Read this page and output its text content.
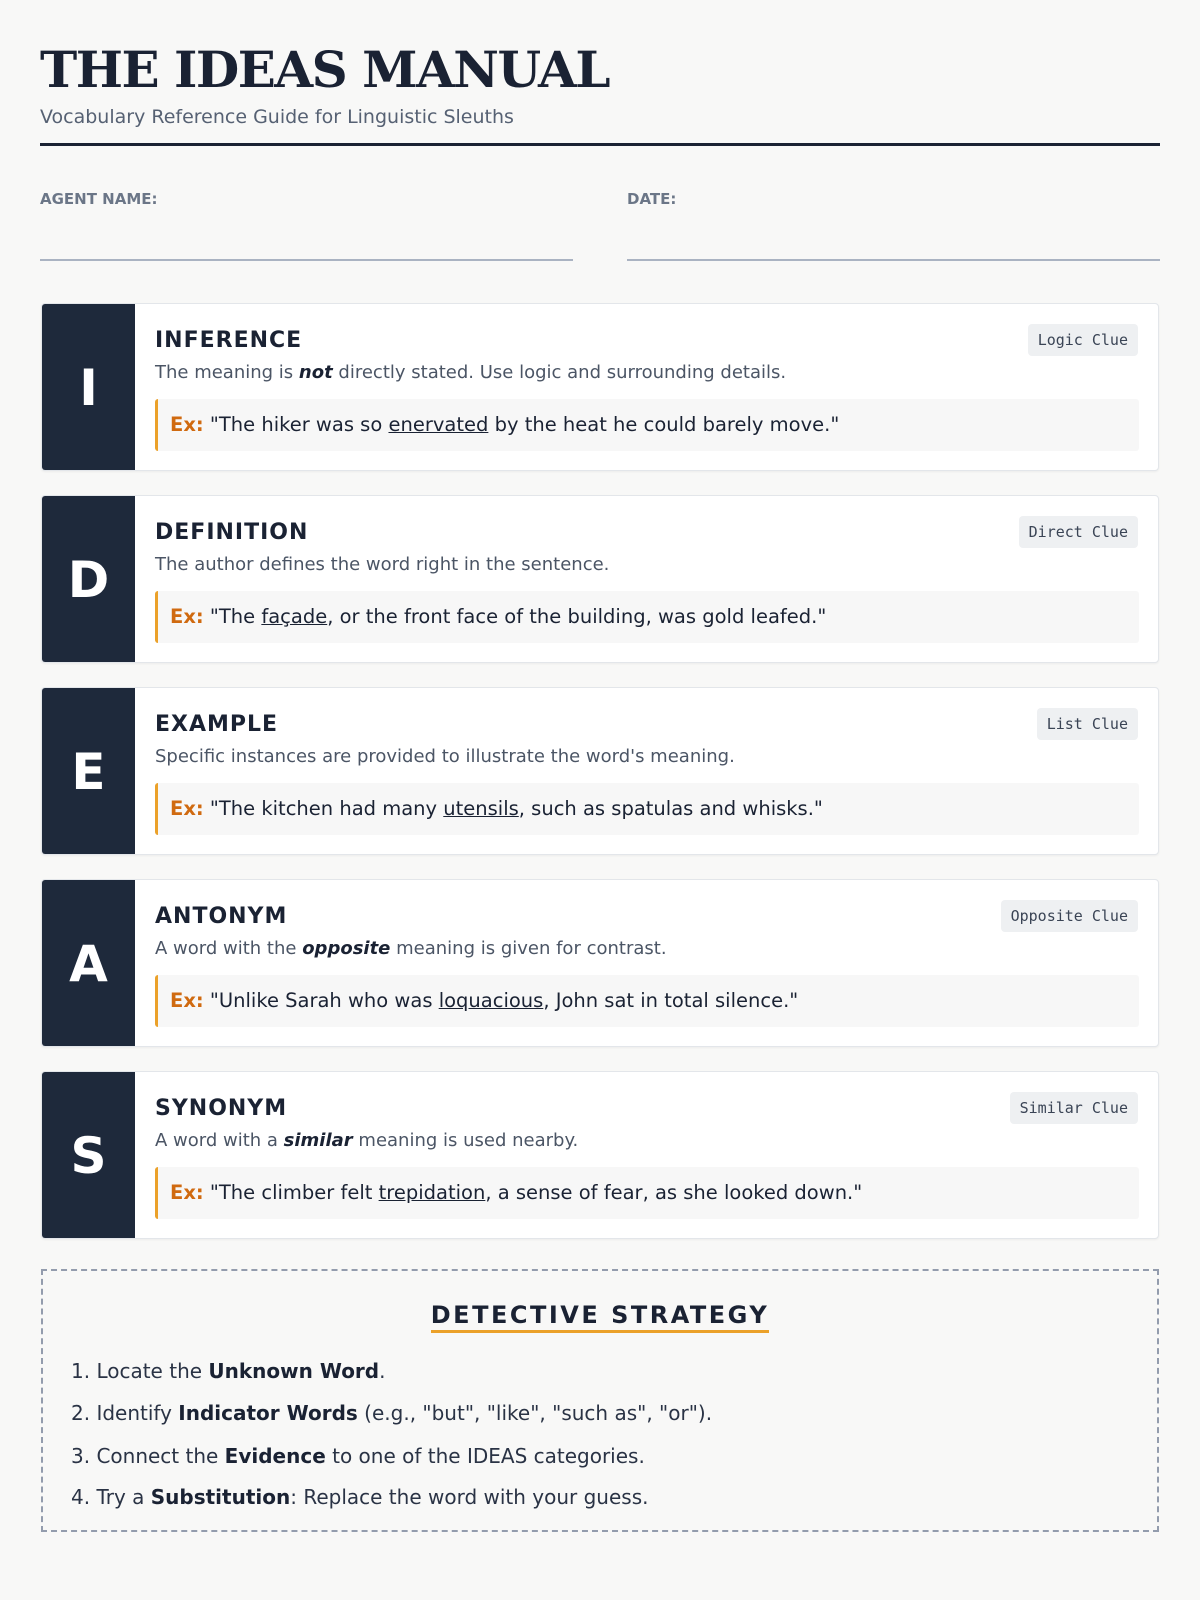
THE IDEAS MANUAL
Vocabulary Reference Guide for Linguistic Sleuths
AGENT NAME:	DATE:
I
INFERENCE	Logic Clue
The meaning is not directly stated. Use logic and surrounding details.
Ex: "The hiker was so enervated by the heat he could barely move."
D
DEFINITION	Direct Clue
The author defines the word right in the sentence.
Ex: "The façade, or the front face of the building, was gold leafed."
E
EXAMPLE	List Clue
Specific instances are provided to illustrate the word's meaning.
Ex: "The kitchen had many utensils, such as spatulas and whisks."
A
ANTONYM	Opposite Clue
A word with the opposite meaning is given for contrast.
Ex: "Unlike Sarah who was loquacious, John sat in total silence."
S
SYNONYM	Similar Clue
A word with a similar meaning is used nearby.
Ex: "The climber felt trepidation, a sense of fear, as she looked down."
DETECTIVE STRATEGY
1. Locate the Unknown Word.
2. Identify Indicator Words (e.g., "but", "like", "such as", "or").
3. Connect the Evidence to one of the IDEAS categories.
4. Try a Substitution: Replace the word with your guess.
